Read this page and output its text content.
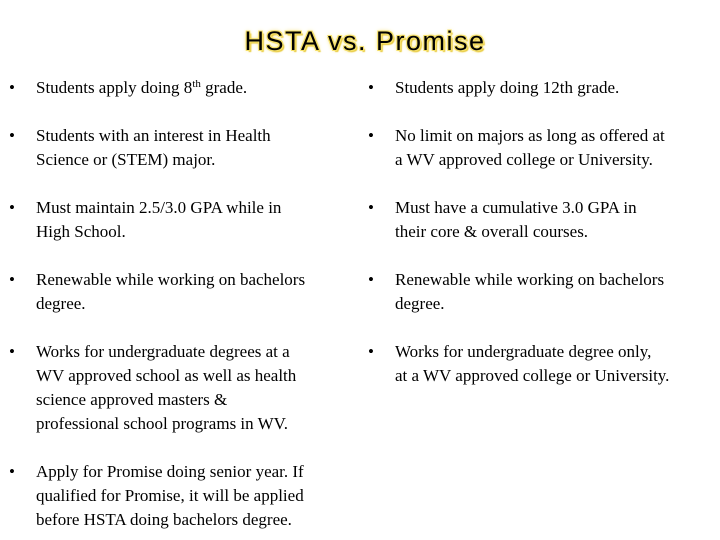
HSTA vs. Promise
•	Students apply doing 8th grade.
•	Students with an interest in Health
Science or (STEM) major.
•	Must maintain 2.5/3.0 GPA while in
High School.
•	Renewable while working on bachelors
degree.
•	Works for undergraduate degrees at a
WV approved school as well as health
science approved masters &
professional school programs in WV.
•	Apply for Promise doing senior year. If
qualified for Promise, it will be applied
before HSTA doing bachelors degree.
•	Students apply doing 12th grade.
•	No limit on majors as long as offered at
a WV approved college or University.
•	Must have a cumulative 3.0 GPA in
their core & overall courses.
•	Renewable while working on bachelors
degree.
•	Works for undergraduate degree only,
at a WV approved college or University.
